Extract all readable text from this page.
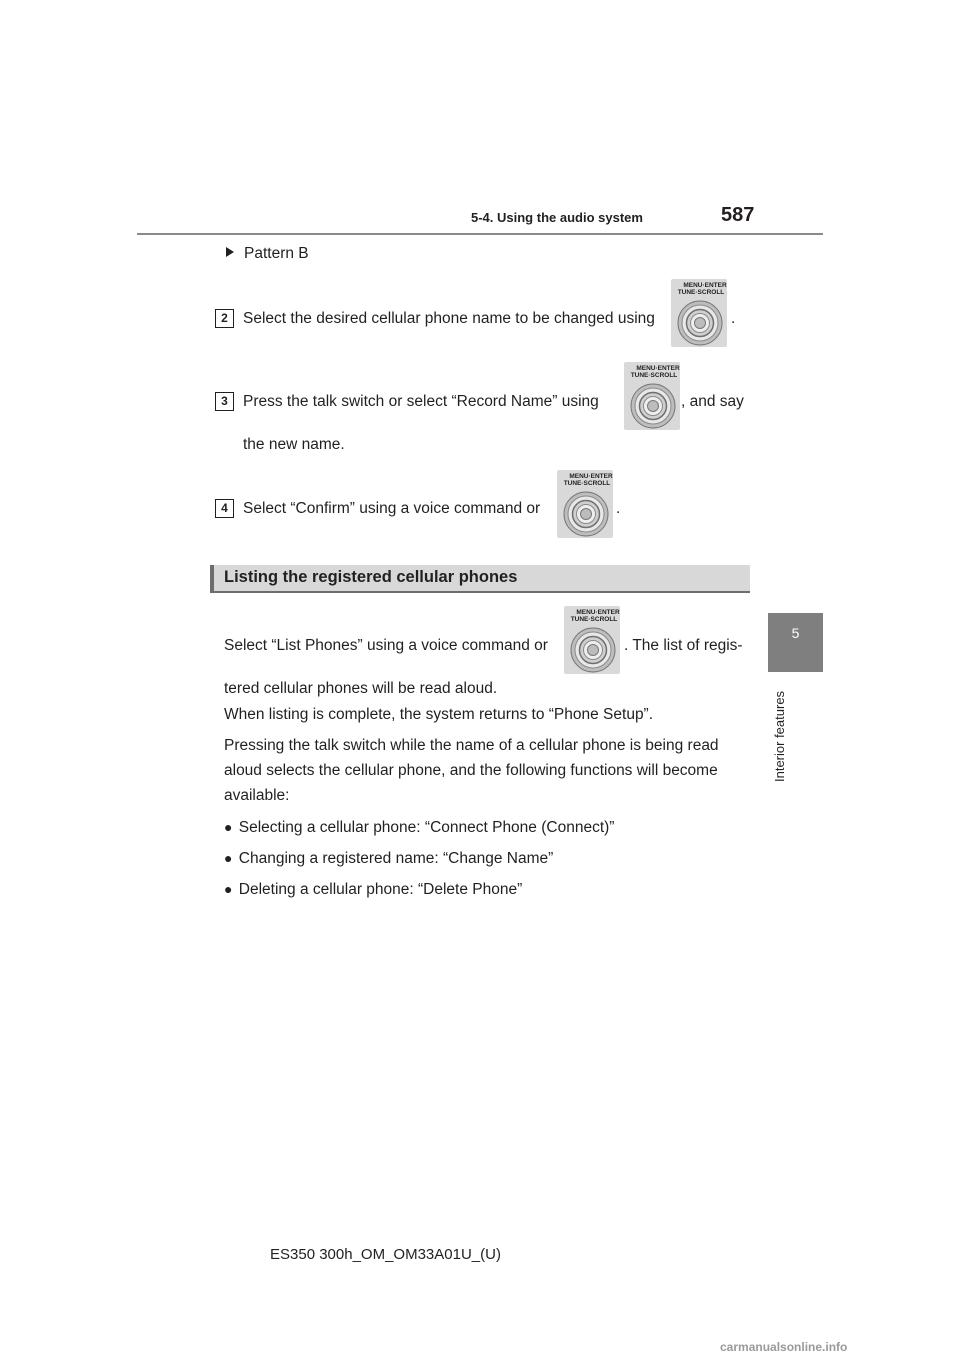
5-4. Using the audio system	587
5
Interior features
Pattern B
2 Select the desired cellular phone name to be changed using
MENU·ENTER
TUNE·SCROLL
.
3 Press the talk switch or select “Record Name” using
MENU·ENTER
TUNE·SCROLL
, and say
the new name.
4 Select “Confirm” using a voice command or
MENU·ENTER
TUNE·SCROLL
.
Listing the registered cellular phones
Select “List Phones” using a voice command or
MENU·ENTER
TUNE·SCROLL
. The list of regis-
tered cellular phones will be read aloud.
When listing is complete, the system returns to “Phone Setup”.
Pressing the talk switch while the name of a cellular phone is being read
aloud selects the cellular phone, and the following functions will become
available:
● Selecting a cellular phone: “Connect Phone (Connect)”
● Changing a registered name: “Change Name”
● Deleting a cellular phone: “Delete Phone”
ES350 300h_OM_OM33A01U_(U)
carmanualsonline.info
